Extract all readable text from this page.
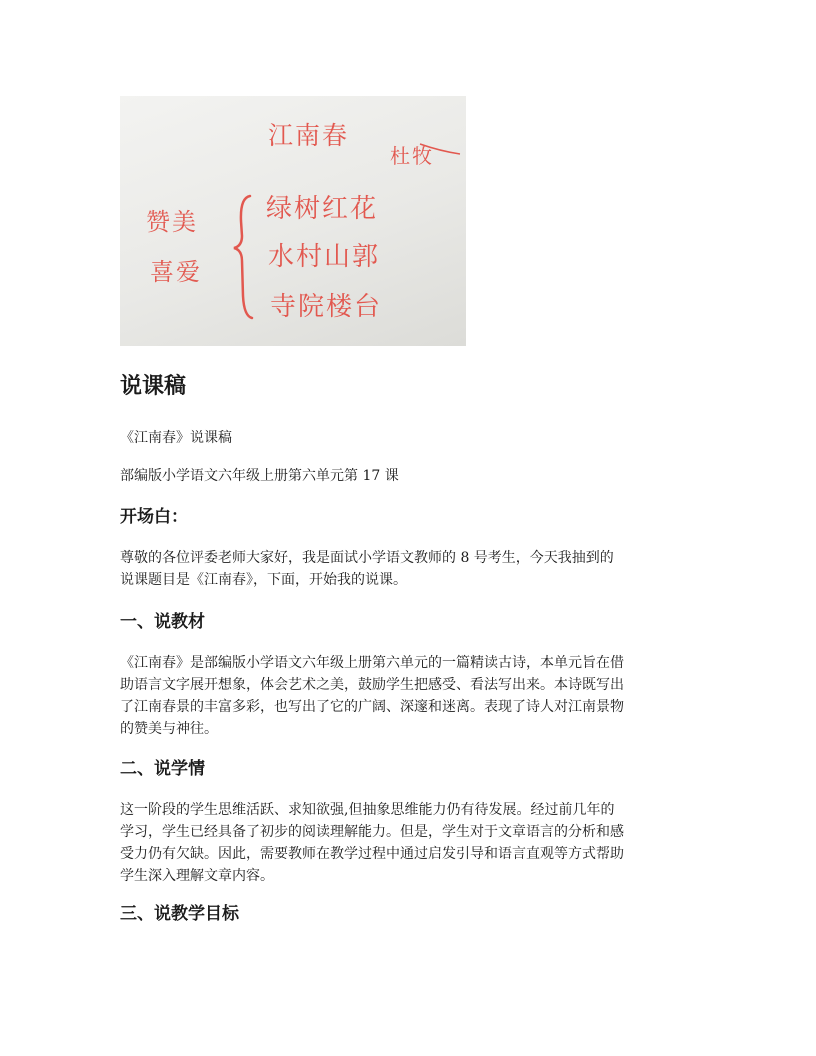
江南春
杜牧
赞美
喜爱
绿树红花
水村山郭
寺院楼台
说课稿

《江南春》说课稿

部编版小学语文六年级上册第六单元第 17 课

开场白：
尊敬的各位评委老师大家好，我是面试小学语文教师的 8 号考生，今天我抽到的
说课题目是《江南春》，下面，开始我的说课。
一、说教材
《江南春》是部编版小学语文六年级上册第六单元的一篇精读古诗，本单元旨在借
助语言文字展开想象，体会艺术之美，鼓励学生把感受、看法写出来。本诗既写出
了江南春景的丰富多彩，也写出了它的广阔、深邃和迷离。表现了诗人对江南景物
的赞美与神往。
二、说学情
这一阶段的学生思维活跃、求知欲强,但抽象思维能力仍有待发展。经过前几年的
学习，学生已经具备了初步的阅读理解能力。但是，学生对于文章语言的分析和感
受力仍有欠缺。因此，需要教师在教学过程中通过启发引导和语言直观等方式帮助
学生深入理解文章内容。
三、说教学目标
